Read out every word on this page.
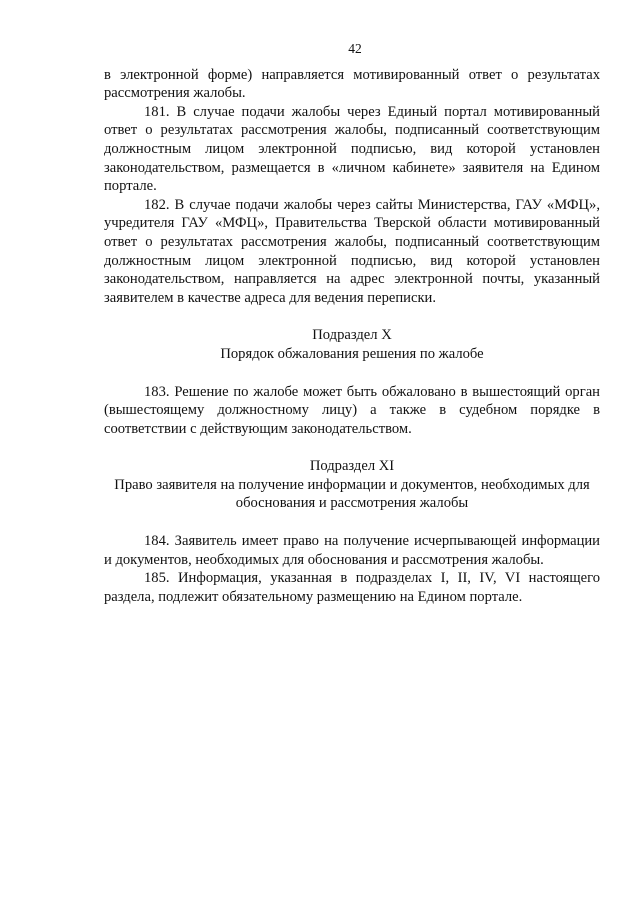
42

в электронной форме) направляется мотивированный ответ о результатах рассмотрения жалобы.

181. В случае подачи жалобы через Единый портал мотивированный ответ о результатах рассмотрения жалобы, подписанный соответствующим должностным лицом электронной подписью, вид которой установлен законодательством, размещается в «личном кабинете» заявителя на Едином портале.

182. В случае подачи жалобы через сайты Министерства, ГАУ «МФЦ», учредителя ГАУ «МФЦ», Правительства Тверской области мотивированный ответ о результатах рассмотрения жалобы, подписанный соответствующим должностным лицом электронной подписью, вид которой установлен законодательством, направляется на адрес электронной почты, указанный заявителем в качестве адреса для ведения переписки.

Подраздел X
Порядок обжалования решения по жалобе

183. Решение по жалобе может быть обжаловано в вышестоящий орган (вышестоящему должностному лицу) а также в судебном порядке в соответствии с действующим законодательством.

Подраздел XI
Право заявителя на получение информации и документов, необходимых для обоснования и рассмотрения жалобы

184. Заявитель имеет право на получение исчерпывающей информации и документов, необходимых для обоснования и рассмотрения жалобы.

185. Информация, указанная в подразделах I, II, IV, VI настоящего раздела, подлежит обязательному размещению на Едином портале.
